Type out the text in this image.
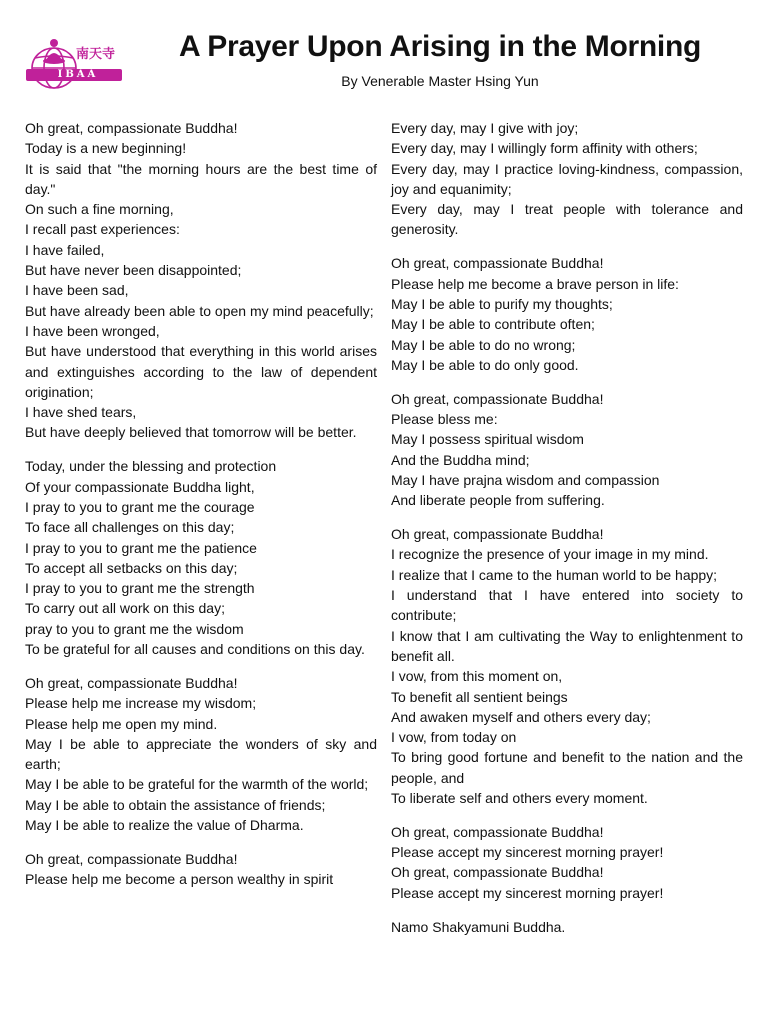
南天寺
IBAA
A Prayer Upon Arising in the Morning
By Venerable Master Hsing Yun
Oh great, compassionate Buddha!
Today is a new beginning!
It is said that "the morning hours are the best time of day."
On such a fine morning,
I recall past experiences:
I have failed,
But have never been disappointed;
I have been sad,
But have already been able to open my mind peacefully;
I have been wronged,
But have understood that everything in this world arises and extinguishes according to the law of dependent origination;
I have shed tears,
But have deeply believed that tomorrow will be better.
Today, under the blessing and protection
Of your compassionate Buddha light,
I pray to you to grant me the courage
To face all challenges on this day;
I pray to you to grant me the patience
To accept all setbacks on this day;
I pray to you to grant me the strength
To carry out all work on this day;
pray to you to grant me the wisdom
To be grateful for all causes and conditions on this day.
Oh great, compassionate Buddha!
Please help me increase my wisdom;
Please help me open my mind.
May I be able to appreciate the wonders of sky and earth;
May I be able to be grateful for the warmth of the world;
May I be able to obtain the assistance of friends;
May I be able to realize the value of Dharma.
Oh great, compassionate Buddha!
Please help me become a person wealthy in spirit
Every day, may I give with joy;
Every day, may I willingly form affinity with others;
Every day, may I practice loving-kindness, compassion, joy and equanimity;
Every day, may I treat people with tolerance and generosity.
Oh great, compassionate Buddha!
Please help me become a brave person in life:
May I be able to purify my thoughts;
May I be able to contribute often;
May I be able to do no wrong;
May I be able to do only good.
Oh great, compassionate Buddha!
Please bless me:
May I possess spiritual wisdom
And the Buddha mind;
May I have prajna wisdom and compassion
And liberate people from suffering.
Oh great, compassionate Buddha!
I recognize the presence of your image in my mind.
I realize that I came to the human world to be happy;
I understand that I have entered into society to contribute;
I know that I am cultivating the Way to enlightenment to benefit all.
I vow, from this moment on,
To benefit all sentient beings
And awaken myself and others every day;
I vow, from today on
To bring good fortune and benefit to the nation and the people, and
To liberate self and others every moment.
Oh great, compassionate Buddha!
Please accept my sincerest morning prayer!
Oh great, compassionate Buddha!
Please accept my sincerest morning prayer!
Namo Shakyamuni Buddha.
